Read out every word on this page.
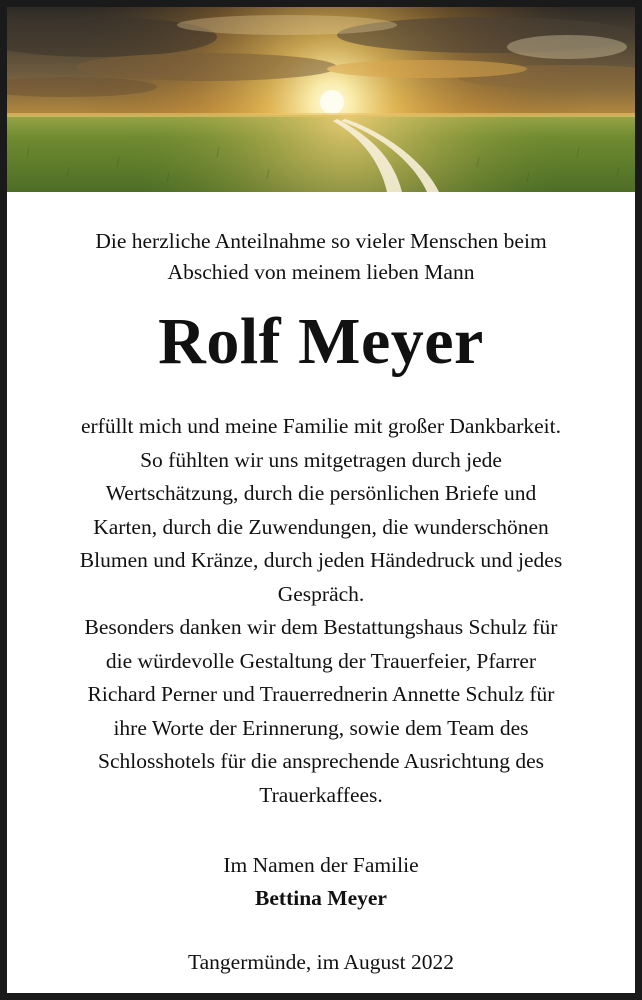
Die herzliche Anteilnahme so vieler Menschen beim
Abschied von meinem lieben Mann

Rolf Meyer

erfüllt mich und meine Familie mit großer Dankbarkeit.
So fühlten wir uns mitgetragen durch jede
Wertschätzung, durch die persönlichen Briefe und
Karten, durch die Zuwendungen, die wunderschönen
Blumen und Kränze, durch jeden Händedruck und jedes
Gespräch.
Besonders danken wir dem Bestattungshaus Schulz für
die würdevolle Gestaltung der Trauerfeier, Pfarrer
Richard Perner und Trauerrednerin Annette Schulz für
ihre Worte der Erinnerung, sowie dem Team des
Schlosshotels für die ansprechende Ausrichtung des
Trauerkaffees.

Im Namen der Familie

Bettina Meyer

Tangermünde, im August 2022
